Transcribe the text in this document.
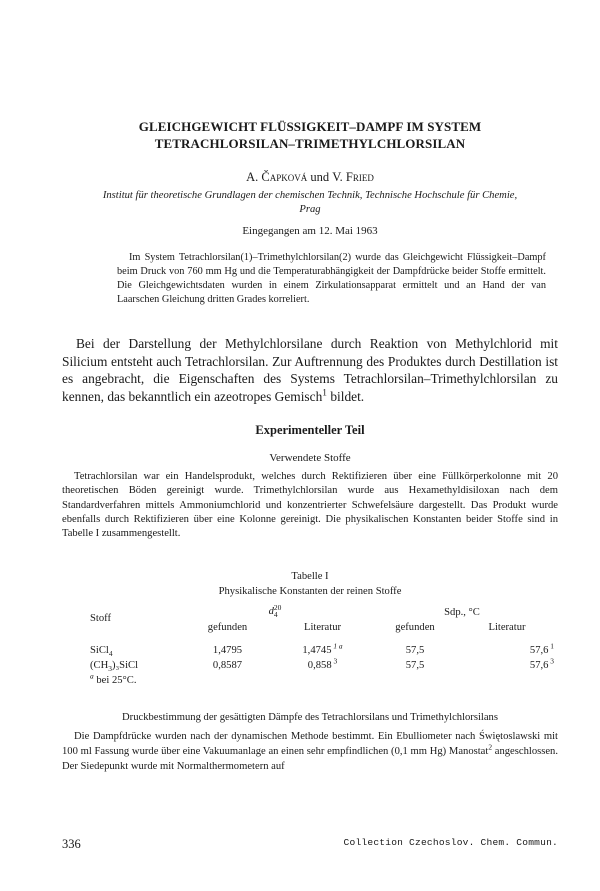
GLEICHGEWICHT FLÜSSIGKEIT–DAMPF IM SYSTEM
TETRACHLORSILAN–TRIMETHYLCHLORSILAN
A. Čapková und V. Fried
Institut für theoretische Grundlagen der chemischen Technik, Technische Hochschule für Chemie,
Prag
Eingegangen am 12. Mai 1963
Im System Tetrachlorsilan(1)–Trimethylchlorsilan(2) wurde das Gleichgewicht Flüssigkeit–Dampf beim Druck von 760 mm Hg und die Temperaturabhängigkeit der Dampfdrücke beider Stoffe ermittelt. Die Gleichgewichtsdaten wurden in einem Zirkulationsapparat ermittelt und an Hand der van Laarschen Gleichung dritten Grades korreliert.
Bei der Darstellung der Methylchlorsilane durch Reaktion von Methylchlorid mit Silicium entsteht auch Tetrachlorsilan. Zur Auftrennung des Produktes durch Destillation ist es angebracht, die Eigenschaften des Systems Tetrachlorsilan–Trimethylchlorsilan zu kennen, das bekanntlich ein azeotropes Gemisch$^1$ bildet.
Experimenteller Teil
Verwendete Stoffe
Tetrachlorsilan war ein Handelsprodukt, welches durch Rektifizieren über eine Füllkörperkolonne mit 20 theoretischen Böden gereinigt wurde. Trimethylchlorsilan wurde aus Hexamethyldisiloxan nach dem Standardverfahren mittels Ammoniumchlorid und konzentrierter Schwefelsäure dargestellt. Das Produkt wurde ebenfalls durch Rektifizieren über eine Kolonne gereinigt. Die physikalischen Konstanten beider Stoffe sind in Tabelle I zusammengestellt.
Tabelle I
Physikalische Konstanten der reinen Stoffe
Stoff	d 20
4		Sdp., °C	
	gefunden	Literatur	gefunden	Literatur
SiCl$_4$	1,4795	1,4745 $^{1 a}$	57,5	57,6 $^1$
$(CH_3)_3SiCl$	0,8587	0,858 $^3$	57,5	57,6 $^3$
$^a$ bei 25°C.
Druckbestimmung der gesättigten Dämpfe des Tetrachlorsilans und Trimethylchlorsilans
Die Dampfdrücke wurden nach der dynamischen Methode bestimmt. Ein Ebulliometer nach Świętoslawski mit 100 ml Fassung wurde über eine Vakuumanlage an einen sehr empfindlichen (0,1 mm Hg) Manostat$^2$ angeschlossen. Der Siedepunkt wurde mit Normalthermometern auf
336	Collection Czechoslov. Chem. Commun.
